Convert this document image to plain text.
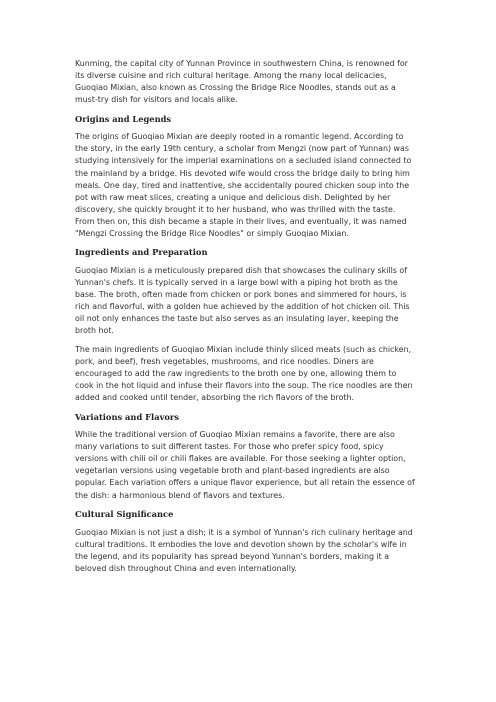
Kunming, the capital city of Yunnan Province in southwestern China, is renowned for
its diverse cuisine and rich cultural heritage. Among the many local delicacies,
Guoqiao Mixian, also known as Crossing the Bridge Rice Noodles, stands out as a
must-try dish for visitors and locals alike.

Origins and Legends

The origins of Guoqiao Mixian are deeply rooted in a romantic legend. According to
the story, in the early 19th century, a scholar from Mengzi (now part of Yunnan) was
studying intensively for the imperial examinations on a secluded island connected to
the mainland by a bridge. His devoted wife would cross the bridge daily to bring him
meals. One day, tired and inattentive, she accidentally poured chicken soup into the
pot with raw meat slices, creating a unique and delicious dish. Delighted by her
discovery, she quickly brought it to her husband, who was thrilled with the taste.
From then on, this dish became a staple in their lives, and eventually, it was named
"Mengzi Crossing the Bridge Rice Noodles" or simply Guoqiao Mixian.

Ingredients and Preparation

Guoqiao Mixian is a meticulously prepared dish that showcases the culinary skills of
Yunnan's chefs. It is typically served in a large bowl with a piping hot broth as the
base. The broth, often made from chicken or pork bones and simmered for hours, is
rich and flavorful, with a golden hue achieved by the addition of hot chicken oil. This
oil not only enhances the taste but also serves as an insulating layer, keeping the
broth hot.

The main ingredients of Guoqiao Mixian include thinly sliced meats (such as chicken,
pork, and beef), fresh vegetables, mushrooms, and rice noodles. Diners are
encouraged to add the raw ingredients to the broth one by one, allowing them to
cook in the hot liquid and infuse their flavors into the soup. The rice noodles are then
added and cooked until tender, absorbing the rich flavors of the broth.

Variations and Flavors

While the traditional version of Guoqiao Mixian remains a favorite, there are also
many variations to suit different tastes. For those who prefer spicy food, spicy
versions with chili oil or chili flakes are available. For those seeking a lighter option,
vegetarian versions using vegetable broth and plant-based ingredients are also
popular. Each variation offers a unique flavor experience, but all retain the essence of
the dish: a harmonious blend of flavors and textures.

Cultural Significance

Guoqiao Mixian is not just a dish; it is a symbol of Yunnan's rich culinary heritage and
cultural traditions. It embodies the love and devotion shown by the scholar's wife in
the legend, and its popularity has spread beyond Yunnan's borders, making it a
beloved dish throughout China and even internationally.
